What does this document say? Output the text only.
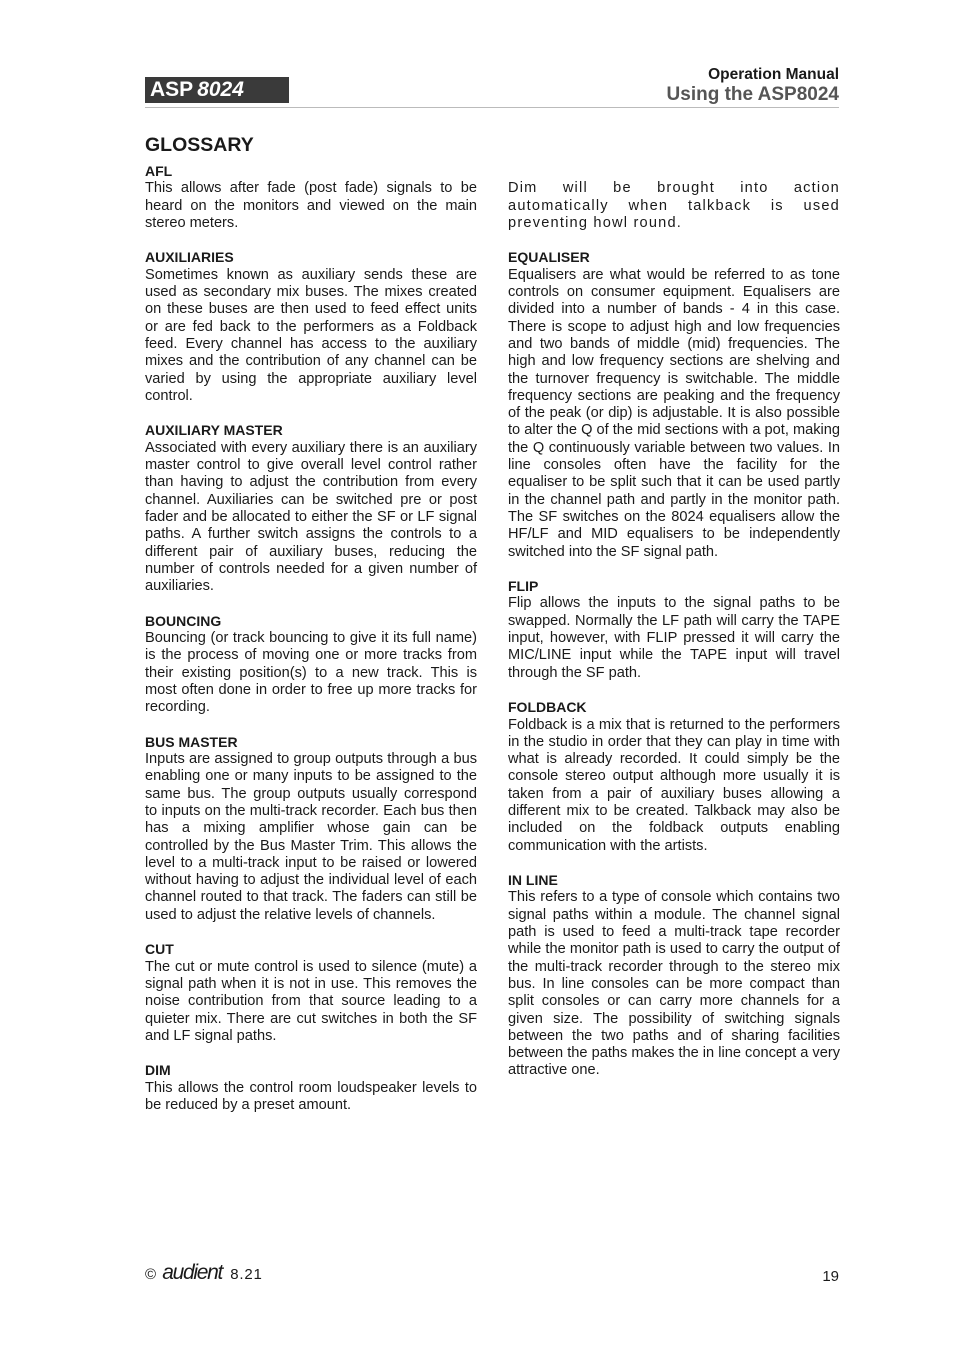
ASP 8024
Operation Manual
Using the ASP8024
GLOSSARY

AFL

This allows after fade (post fade) signals to be heard on the monitors and viewed on the main stereo meters.

AUXILIARIES

Sometimes known as auxiliary sends these are used as secondary mix buses. The mixes created on these buses are then used to feed effect units or are fed back to the performers as a Foldback feed. Every channel has access to the auxiliary mixes and the contribution of any channel can be varied by using the appropriate auxiliary level control.

AUXILIARY MASTER

Associated with every auxiliary there is an auxiliary master control to give overall level control rather than having to adjust the contribution from every channel. Auxiliaries can be switched pre or post fader and be allocated to either the SF or LF signal paths. A further switch assigns the controls to a different pair of auxiliary buses, reducing the number of controls needed for a given number of auxiliaries.

BOUNCING

Bouncing (or track bouncing to give it its full name) is the process of moving one or more tracks from their existing position(s) to a new track. This is most often done in order to free up more tracks for recording.

BUS MASTER

Inputs are assigned to group outputs through a bus enabling one or many inputs to be assigned to the same bus. The group outputs usually correspond to inputs on the multi-track recorder. Each bus then has a mixing amplifier whose gain can be controlled by the Bus Master Trim. This allows the level to a multi-track input to be raised or lowered without having to adjust the individual level of each channel routed to that track. The faders can still be used to adjust the relative levels of channels.

CUT

The cut or mute control is used to silence (mute) a signal path when it is not in use. This removes the noise contribution from that source leading to a quieter mix. There are cut switches in both the SF and LF signal paths.

DIM

This allows the control room loudspeaker levels to be reduced by a preset amount.

Dim will be brought into action automatically when talkback is used preventing howl round.

EQUALISER

Equalisers are what would be referred to as tone controls on consumer equipment. Equalisers are divided into a number of bands - 4 in this case. There is scope to adjust high and low frequencies and two bands of middle (mid) frequencies. The high and low frequency sections are shelving and the turnover frequency is switchable. The middle frequency sections are peaking and the frequency of the peak (or dip) is adjustable. It is also possible to alter the Q of the mid sections with a pot, making the Q continuously variable between two values. In line consoles often have the facility for the equaliser to be split such that it can be used partly in the channel path and partly in the monitor path. The SF switches on the 8024 equalisers allow the HF/LF and MID equalisers to be independently switched into the SF signal path.

FLIP

Flip allows the inputs to the signal paths to be swapped. Normally the LF path will carry the TAPE input, however, with FLIP pressed it will carry the MIC/LINE input while the TAPE input will travel through the SF path.

FOLDBACK

Foldback is a mix that is returned to the performers in the studio in order that they can play in time with what is already recorded. It could simply be the console stereo output although more usually it is taken from a pair of auxiliary buses allowing a different mix to be created. Talkback may also be included on the foldback outputs enabling communication with the artists.

IN LINE

This refers to a type of console which contains two signal paths within a module. The channel signal path is used to feed a multi-track tape recorder while the monitor path is used to carry the output of the multi-track recorder through to the stereo mix bus. In line consoles can be more compact than split consoles or can carry more channels for a given size. The possibility of switching signals between the two paths and of sharing facilities between the paths makes the in line concept a very attractive one.

© audient 8.21	19
